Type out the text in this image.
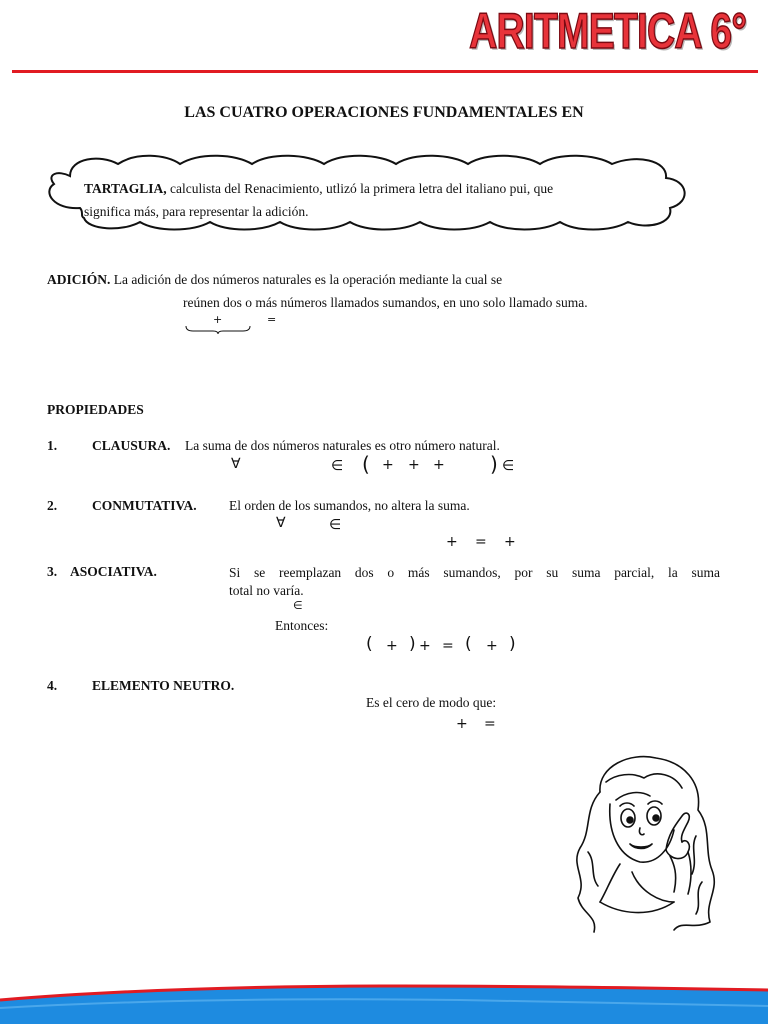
ARITMETICA 6°
LAS CUATRO OPERACIONES FUNDAMENTALES EN
TARTAGLIA, calculista del Renacimiento, utlizó la primera letra del italiano pui, que
significa más, para representar la adición.
ADICIÓN. La adición de dos números naturales es la operación mediante la cual se
reúnen dos o más números llamados sumandos, en uno solo llamado suma.
+	=
PROPIEDADES
1.	CLAUSURA. La suma de dos números naturales es otro número natural.
∀	∈ ( + + + ) ∈
2.	CONMUTATIVA. El orden de los sumandos, no altera la suma.
∀	∈
+ = +
3. ASOCIATIVA.	Si se reemplazan dos o más sumandos, por su suma parcial, la suma
total no varía.
∈
Entonces:
( + ) + = ( + )
4.	ELEMENTO NEUTRO.
Es el cero de modo que:
+ =
